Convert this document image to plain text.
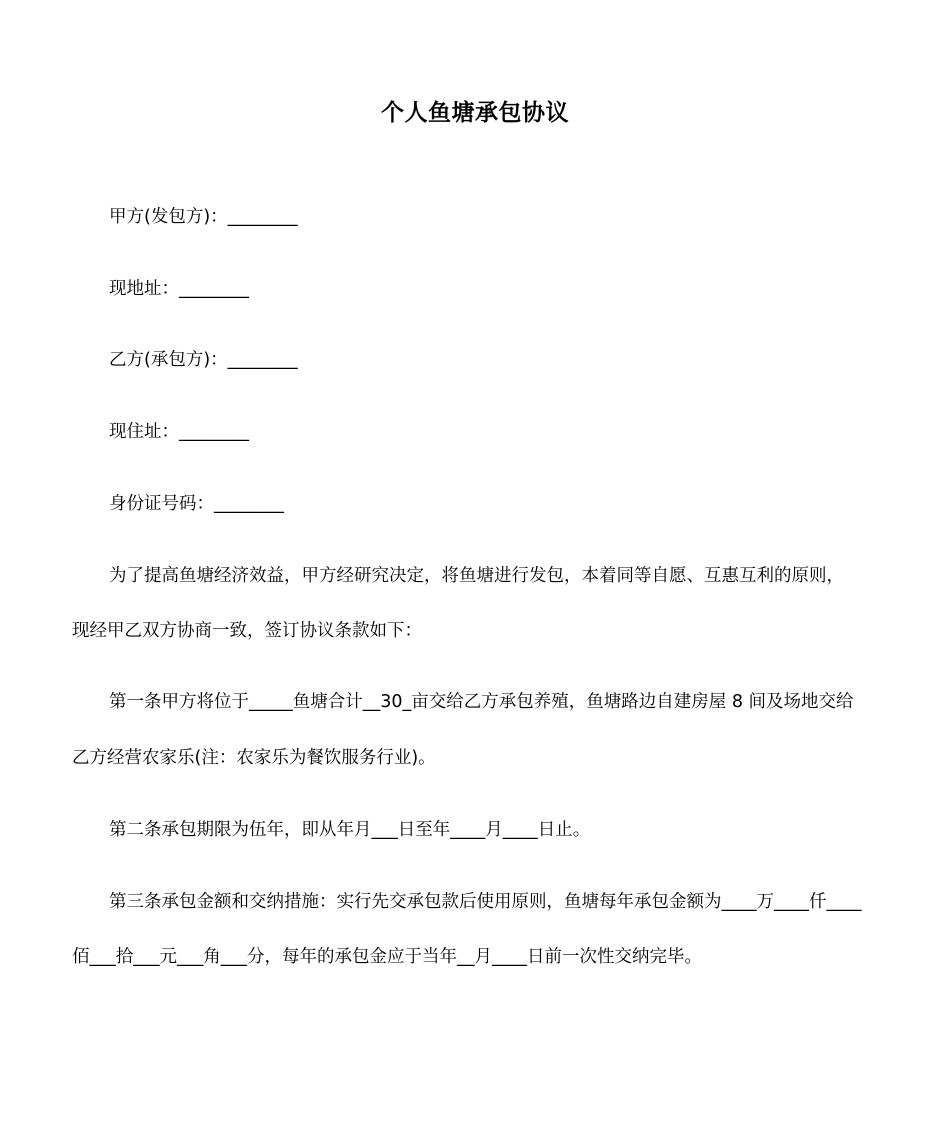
个人鱼塘承包协议
甲方(发包方)：________
现地址：________
乙方(承包方)：________
现住址：________
身份证号码：________
为了提高鱼塘经济效益，甲方经研究决定，将鱼塘进行发包，本着同等自愿、互惠互利的原则，
现经甲乙双方协商一致，签订协议条款如下：
第一条甲方将位于_____鱼塘合计__30_亩交给乙方承包养殖，鱼塘路边自建房屋 8 间及场地交给
乙方经营农家乐(注：农家乐为餐饮服务行业)。
第二条承包期限为伍年，即从年月___日至年____月____日止。
第三条承包金额和交纳措施：实行先交承包款后使用原则，鱼塘每年承包金额为____万____仟____
佰___拾___元___角___分，每年的承包金应于当年__月____日前一次性交纳完毕。
